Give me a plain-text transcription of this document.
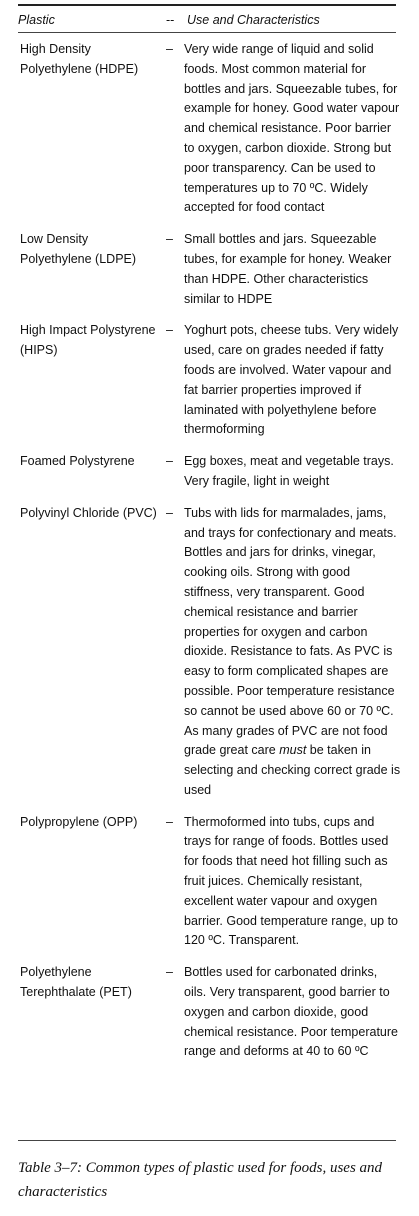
Plastic	-- Use and Characteristics
High Density Polyethylene (HDPE)
– Very wide range of liquid and solid foods. Most common material for bottles and jars. Squeezable tubes, for example for honey. Good water vapour and chemical resistance. Poor barrier to oxygen, carbon dioxide. Strong but poor transparency. Can be used to temperatures up to 70 ºC. Widely accepted for food contact
Low Density Polyethylene (LDPE)
– Small bottles and jars. Squeezable tubes, for example for honey. Weaker than HDPE. Other characteristics similar to HDPE
High Impact Polystyrene (HIPS)
– Yoghurt pots, cheese tubs. Very widely used, care on grades needed if fatty foods are involved. Water vapour and fat barrier properties improved if laminated with polyethylene before thermoforming
Foamed Polystyrene	– Egg boxes, meat and vegetable trays. Very fragile, light in weight
Polyvinyl Chloride (PVC) – Tubs with lids for marmalades, jams, and trays for confectionary and meats. Bottles and jars for drinks, vinegar, cooking oils. Strong with good stiffness, very transparent. Good chemical resistance and barrier properties for oxygen and carbon dioxide. Resistance to fats. As PVC is easy to form complicated shapes are possible. Poor temperature resistance so cannot be used above 60 or 70 ºC. As many grades of PVC are not food grade great care must be taken in selecting and checking correct grade is used
Polypropylene (OPP)	– Thermoformed into tubs, cups and trays for range of foods. Bottles used for foods that need hot filling such as fruit juices. Chemically resistant, excellent water vapour and oxygen barrier. Good temperature range, up to 120 ºC. Transparent.
Polyethylene Terephthalate (PET)
– Bottles used for carbonated drinks, oils. Very transparent, good barrier to oxygen and carbon dioxide, good chemical resistance. Poor temperature range and deforms at 40 to 60 ºC
Table 3–7: Common types of plastic used for foods, uses and characteristics
